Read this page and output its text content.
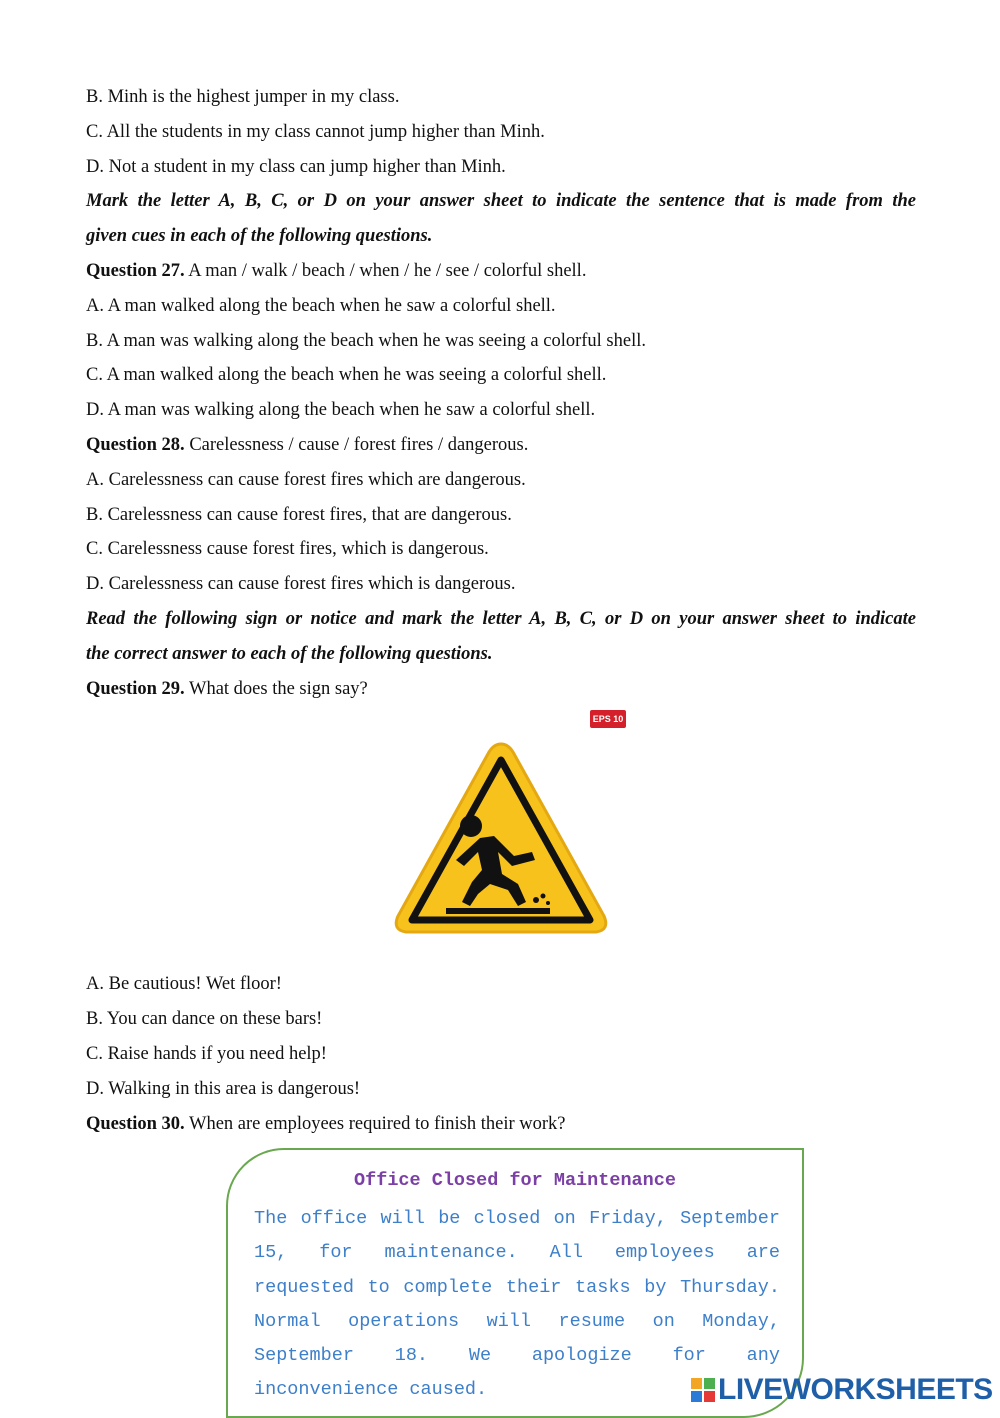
B. Minh is the highest jumper in my class.
C. All the students in my class cannot jump higher than Minh.
D. Not a student in my class can jump higher than Minh.
Mark the letter A, B, C, or D on your answer sheet to indicate the sentence that is made from the
given cues in each of the following questions.
Question 27. A man / walk / beach / when / he / see / colorful shell.
A. A man walked along the beach when he saw a colorful shell.
B. A man was walking along the beach when he was seeing a colorful shell.
C. A man walked along the beach when he was seeing a colorful shell.
D. A man was walking along the beach when he saw a colorful shell.
Question 28. Carelessness / cause / forest fires / dangerous.
A. Carelessness can cause forest fires which are dangerous.
B. Carelessness can cause forest fires, that are dangerous.
C. Carelessness cause forest fires, which is dangerous.
D. Carelessness can cause forest fires which is dangerous.
Read the following sign or notice and mark the letter A, B, C, or D on your answer sheet to indicate
the correct answer to each of the following questions.
Question 29. What does the sign say?
A. Be cautious! Wet floor!
B. You can dance on these bars!
C. Raise hands if you need help!
D. Walking in this area is dangerous!
Question 30. When are employees required to finish their work?
EPS 10
Office Closed for Maintenance
The office will be closed on Friday, September 15, for maintenance. All employees are requested to complete their tasks by Thursday. Normal operations will resume on Monday, September 18. We apologize for any inconvenience caused.	LIVEWORKSHEETS
